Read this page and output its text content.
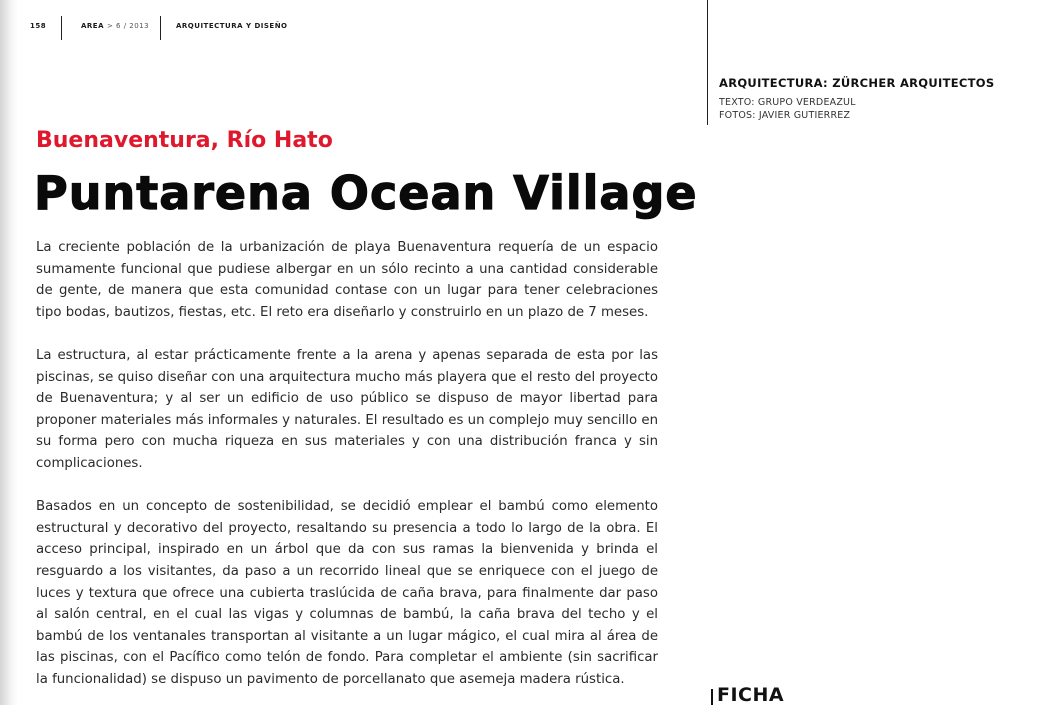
158	AREA > 6 / 2013	ARQUITECTURA Y DISEÑO
ARQUITECTURA: ZÜRCHER ARQUITECTOS
TEXTO: GRUPO VERDEAZUL
FOTOS: JAVIER GUTIERREZ
Buenaventura, Río Hato
Puntarena Ocean Village

La creciente población de la urbanización de playa Buenaventura requería de un espacio sumamente funcional que pudiese albergar en un sólo recinto a una cantidad considerable de gente, de manera que esta comunidad contase con un lugar para tener celebraciones tipo bodas, bautizos, fiestas, etc. El reto era diseñarlo y construirlo en un plazo de 7 meses.

La estructura, al estar prácticamente frente a la arena y apenas separada de esta por las piscinas, se quiso diseñar con una arquitectura mucho más playera que el resto del proyecto de Buenaventura; y al ser un edificio de uso público se dispuso de mayor libertad para proponer materiales más informales y naturales. El resultado es un complejo muy sencillo en su forma pero con mucha riqueza en sus materiales y con una distribución franca y sin complicaciones.

Basados en un concepto de sostenibilidad, se decidió emplear el bambú como elemento estructural y decorativo del proyecto, resaltando su presencia a todo lo largo de la obra. El acceso principal, inspirado en un árbol que da con sus ramas la bienvenida y brinda el resguardo a los visitantes, da paso a un recorrido lineal que se enriquece con el juego de luces y textura que ofrece una cubierta traslúcida de caña brava, para finalmente dar paso al salón central, en el cual las vigas y columnas de bambú, la caña brava del techo y el bambú de los ventanales transportan al visitante a un lugar mágico, el cual mira al área de las piscinas, con el Pacífico como telón de fondo. Para completar el ambiente (sin sacrificar la funcionalidad) se dispuso un pavimento de porcellanato que asemeja madera rústica.

FICHA
